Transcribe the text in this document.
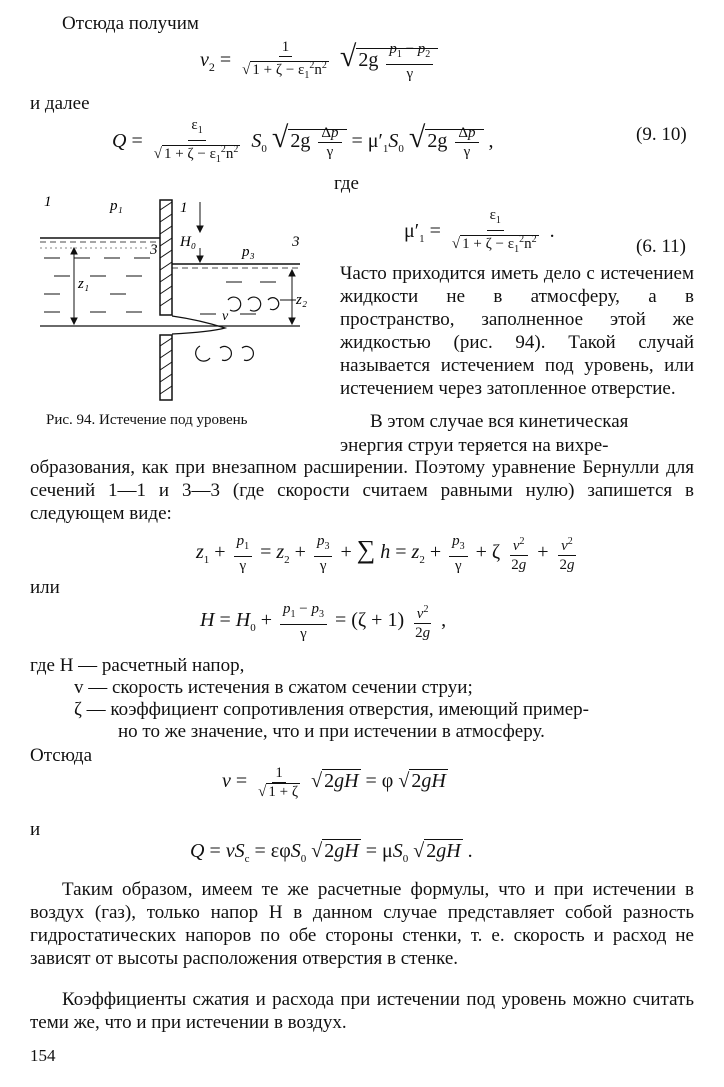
Отсюда получим
$v_2 = \frac{1}{√ 1 + \zeta - \varepsilon_1^2n^2}$ √ $2g \frac{p_1 - p_2}{\gamma}$
и далее
$Q = \frac{\varepsilon_1}{√ 1 + \zeta - \varepsilon_1^2n^2} S_0$ √ $2g \frac{\Delta p}{\gamma} = \mu'_1S_0$ √ $2g \frac{\Delta p}{\gamma}$ ,	(9. 10)
где
$\mu'_1 = \frac{\varepsilon_1}{√ 1 + \zeta - \varepsilon_1^2n^2}$ .
(6. 11)
1	p₁	1
3 H₀
p₃
3
z₁
z₂
v
Рис. 94. Истечение под уровень
Часто приходится иметь дело с истечением жидкости не в атмосферу, а в пространство, заполненное этой же жидкостью (рис. 94). Такой случай называется истечением под уровень, или истечением через затопленное отверстие.
В этом случае вся кинетическая
энергия струи теряется на вихре-
образования, как при внезапном расширении. Поэтому уравнение Бернулли для сечений 1—1 и 3—3 (где скорости считаем равными нулю) запишется в следующем виде:
$z_1 + \frac{p_1}{\gamma} = z_2 + \frac{p_3}{\gamma}$ + ∑ $h = z_2 + \frac{p_3}{\gamma} + \zeta \frac{v^2}{2g} + \frac{v^2}{2g}$
или
$H = H_0 + \frac{p_1 - p_3}{\gamma} = (\zeta + 1) \frac{v^2}{2g}$ ,
где H — расчетный напор,
v — скорость истечения в сжатом сечении струи;
ζ — коэффициент сопротивления отверстия, имеющий пример-
но то же значение, что и при истечении в атмосферу.
Отсюда
$v = \frac{1}{√ 1 + \zeta}$ √ 2gH = φ √ 2gH
и
$Q = vS_c = \varepsilon\varphi S_0$ √ $2gH = \mu S_0$ √ 2gH .
Таким образом, имеем те же расчетные формулы, что и при истечении в воздух (газ), только напор H в данном случае представляет собой разность гидростатических напоров по обе стороны стенки, т. е. скорость и расход не зависят от высоты расположения отверстия в стенке.
Коэффициенты сжатия и расхода при истечении под уровень можно считать теми же, что и при истечении в воздух.
154
